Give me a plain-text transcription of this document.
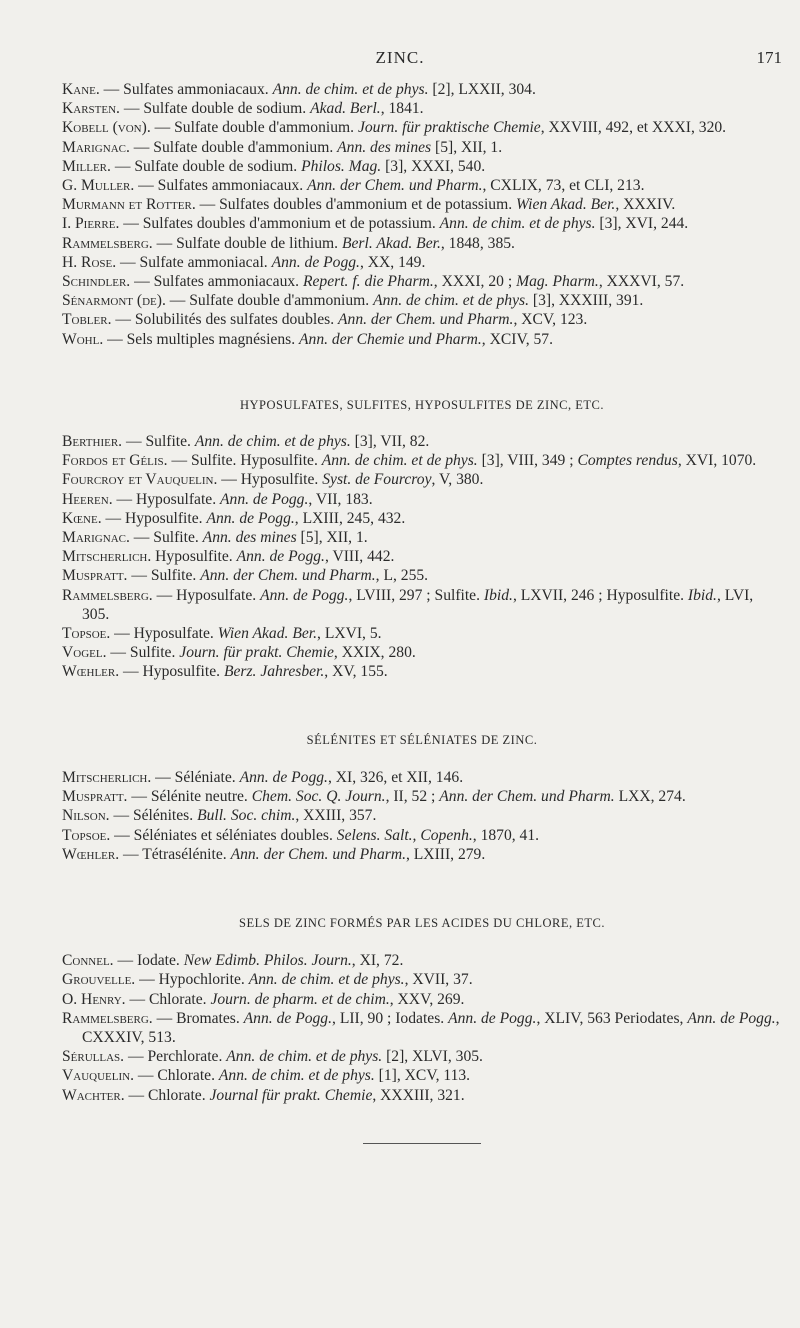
ZINC.	171

Kane. — Sulfates ammoniacaux. Ann. de chim. et de phys. [2], LXXII, 304.

Karsten. — Sulfate double de sodium. Akad. Berl., 1841.

Kobell (von). — Sulfate double d'ammonium. Journ. für praktische Chemie, XXVIII, 492, et XXXI, 320.

Marignac. — Sulfate double d'ammonium. Ann. des mines [5], XII, 1.

Miller. — Sulfate double de sodium. Philos. Mag. [3], XXXI, 540.

G. Muller. — Sulfates ammoniacaux. Ann. der Chem. und Pharm., CXLIX, 73, et CLI, 213.

Murmann et Rotter. — Sulfates doubles d'ammonium et de potassium. Wien Akad. Ber., XXXIV.

I. Pierre. — Sulfates doubles d'ammonium et de potassium. Ann. de chim. et de phys. [3], XVI, 244.

Rammelsberg. — Sulfate double de lithium. Berl. Akad. Ber., 1848, 385.

H. Rose. — Sulfate ammoniacal. Ann. de Pogg., XX, 149.

Schindler. — Sulfates ammoniacaux. Repert. f. die Pharm., XXXI, 20 ; Mag. Pharm., XXXVI, 57.

Sénarmont (de). — Sulfate double d'ammonium. Ann. de chim. et de phys. [3], XXXIII, 391.

Tobler. — Solubilités des sulfates doubles. Ann. der Chem. und Pharm., XCV, 123.

Wohl. — Sels multiples magnésiens. Ann. der Chemie und Pharm., XCIV, 57.

HYPOSULFATES, SULFITES, HYPOSULFITES DE ZINC, ETC.

Berthier. — Sulfite. Ann. de chim. et de phys. [3], VII, 82.

Fordos et Gélis. — Sulfite. Hyposulfite. Ann. de chim. et de phys. [3], VIII, 349 ; Comptes rendus, XVI, 1070.

Fourcroy et Vauquelin. — Hyposulfite. Syst. de Fourcroy, V, 380.

Heeren. — Hyposulfate. Ann. de Pogg., VII, 183.

Kœne. — Hyposulfite. Ann. de Pogg., LXIII, 245, 432.

Marignac. — Sulfite. Ann. des mines [5], XII, 1.

Mitscherlich. Hyposulfite. Ann. de Pogg., VIII, 442.

Muspratt. — Sulfite. Ann. der Chem. und Pharm., L, 255.

Rammelsberg. — Hyposulfate. Ann. de Pogg., LVIII, 297 ; Sulfite. Ibid., LXVII, 246 ; Hyposulfite. Ibid., LVI, 305.

Topsoe. — Hyposulfate. Wien Akad. Ber., LXVI, 5.

Vogel. — Sulfite. Journ. für prakt. Chemie, XXIX, 280.

Wœhler. — Hyposulfite. Berz. Jahresber., XV, 155.

SÉLÉNITES ET SÉLÉNIATES DE ZINC.

Mitscherlich. — Séléniate. Ann. de Pogg., XI, 326, et XII, 146.

Muspratt. — Sélénite neutre. Chem. Soc. Q. Journ., II, 52 ; Ann. der Chem. und Pharm. LXX, 274.

Nilson. — Sélénites. Bull. Soc. chim., XXIII, 357.

Topsoe. — Séléniates et séléniates doubles. Selens. Salt., Copenh., 1870, 41.

Wœhler. — Tétrasélénite. Ann. der Chem. und Pharm., LXIII, 279.

SELS DE ZINC FORMÉS PAR LES ACIDES DU CHLORE, ETC.

Connel. — Iodate. New Edimb. Philos. Journ., XI, 72.

Grouvelle. — Hypochlorite. Ann. de chim. et de phys., XVII, 37.

O. Henry. — Chlorate. Journ. de pharm. et de chim., XXV, 269.

Rammelsberg. — Bromates. Ann. de Pogg., LII, 90 ; Iodates. Ann. de Pogg., XLIV, 563 Periodates, Ann. de Pogg., CXXXIV, 513.

Sérullas. — Perchlorate. Ann. de chim. et de phys. [2], XLVI, 305.

Vauquelin. — Chlorate. Ann. de chim. et de phys. [1], XCV, 113.

Wachter. — Chlorate. Journal für prakt. Chemie, XXXIII, 321.
